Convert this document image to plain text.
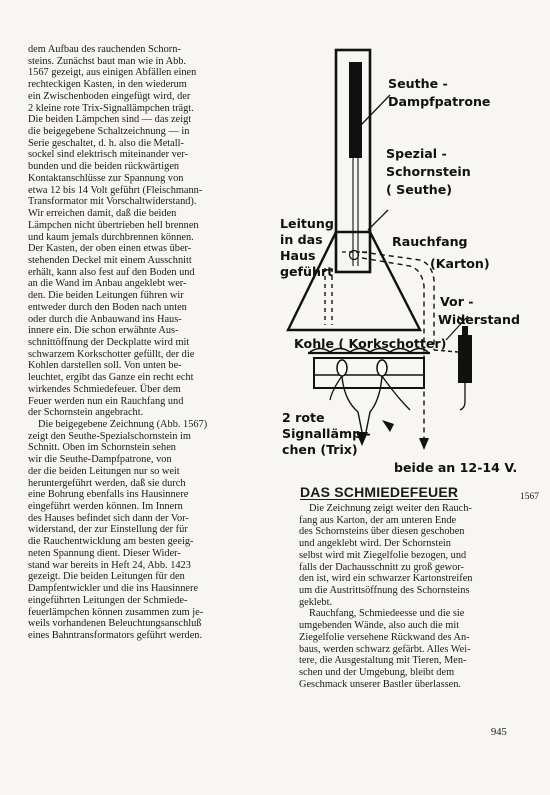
dem Aufbau des rauchenden Schorn-

steins. Zunächst baut man wie in Abb.

1567 gezeigt, aus einigen Abfällen einen

rechteckigen Kasten, in den wiederum

ein Zwischenboden eingefügt wird, der

2 kleine rote Trix-Signallämpchen trägt.

Die beiden Lämpchen sind — das zeigt

die beigegebene Schaltzeichnung — in

Serie geschaltet, d. h. also die Metall-

sockel sind elektrisch miteinander ver-

bunden und die beiden rückwärtigen

Kontaktanschlüsse zur Spannung von

etwa 12 bis 14 Volt geführt (Fleischmann-

Transformator mit Vorschaltwiderstand).

Wir erreichen damit, daß die beiden

Lämpchen nicht übertrieben hell brennen

und kaum jemals durchbrennen können.

Der Kasten, der oben einen etwas über-

stehenden Deckel mit einem Ausschnitt

erhält, kann also fest auf den Boden und

an die Wand im Anbau angeklebt wer-

den. Die beiden Leitungen führen wir

entweder durch den Boden nach unten

oder durch die Anbauwand ins Haus-

innere ein. Die schon erwähnte Aus-

schnittöffnung der Deckplatte wird mit

schwarzem Korkschotter gefüllt, der die

Kohlen darstellen soll. Von unten be-

leuchtet, ergibt das Ganze ein recht echt

wirkendes Schmiedefeuer. Über dem

Feuer werden nun ein Rauchfang und

der Schornstein angebracht.

Die beigegebene Zeichnung (Abb. 1567)

zeigt den Seuthe-Spezialschornstein im

Schnitt. Oben im Schornstein sehen

wir die Seuthe-Dampfpatrone, von

der die beiden Leitungen nur so weit

heruntergeführt werden, daß sie durch

eine Bohrung ebenfalls ins Hausinnere

eingeführt werden können. Im Innern

des Hauses befindet sich dann der Vor-

widerstand, der zur Einstellung der für

die Rauchentwicklung am besten geeig-

neten Spannung dient. Dieser Wider-

stand war bereits in Heft 24, Abb. 1423

gezeigt. Die beiden Leitungen für den

Dampfentwickler und die ins Hausinnere

eingeführten Leitungen der Schmiede-

feuerlämpchen können zusammen zum je-

weils vorhandenen Beleuchtungsanschluß

eines Bahntransformators geführt werden.

Seuthe -
Dampfpatrone
Spezial -
Schornstein
( Seuthe)
Leitung
in das
Haus
geführt
Rauchfang
(Karton)
Vor -
Widerstand
Kohle ( Korkschotter)
2 rote
Signallämp -
chen (Trix)
beide an 12-14 V.
DAS SCHMIEDEFEUER	1567

Die Zeichnung zeigt weiter den Rauch-

fang aus Karton, der am unteren Ende

des Schornsteins über diesen geschoben

und angeklebt wird. Der Schornstein

selbst wird mit Ziegelfolie bezogen, und

falls der Dachausschnitt zu groß gewor-

den ist, wird ein schwarzer Kartonstreifen

um die Austrittsöffnung des Schornsteins

geklebt.

Rauchfang, Schmiedeesse und die sie

umgebenden Wände, also auch die mit

Ziegelfolie versehene Rückwand des An-

baus, werden schwarz gefärbt. Alles Wei-

tere, die Ausgestaltung mit Tieren, Men-

schen und der Umgebung, bleibt dem

Geschmack unserer Bastler überlassen.

945
